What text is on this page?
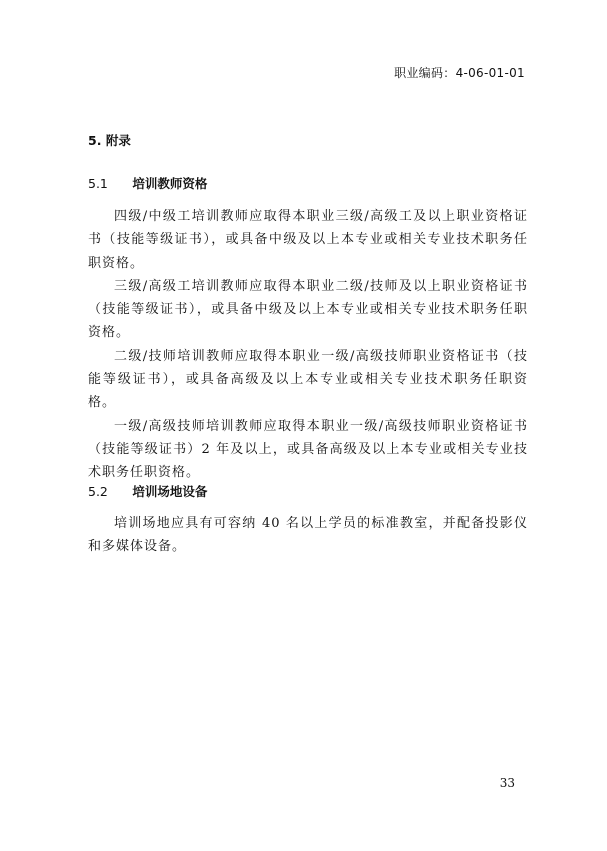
职业编码：4-06-01-01
5. 附录
5.1 培训教师资格

四级/中级工培训教师应取得本职业三级/高级工及以上职业资格证书（技能等级证书），或具备中级及以上本专业或相关专业技术职务任职资格。

三级/高级工培训教师应取得本职业二级/技师及以上职业资格证书（技能等级证书），或具备中级及以上本专业或相关专业技术职务任职资格。

二级/技师培训教师应取得本职业一级/高级技师职业资格证书（技能等级证书），或具备高级及以上本专业或相关专业技术职务任职资格。

一级/高级技师培训教师应取得本职业一级/高级技师职业资格证书（技能等级证书）2 年及以上，或具备高级及以上本专业或相关专业技术职务任职资格。

5.2 培训场地设备

培训场地应具有可容纳 40 名以上学员的标准教室，并配备投影仪和多媒体设备。

33
